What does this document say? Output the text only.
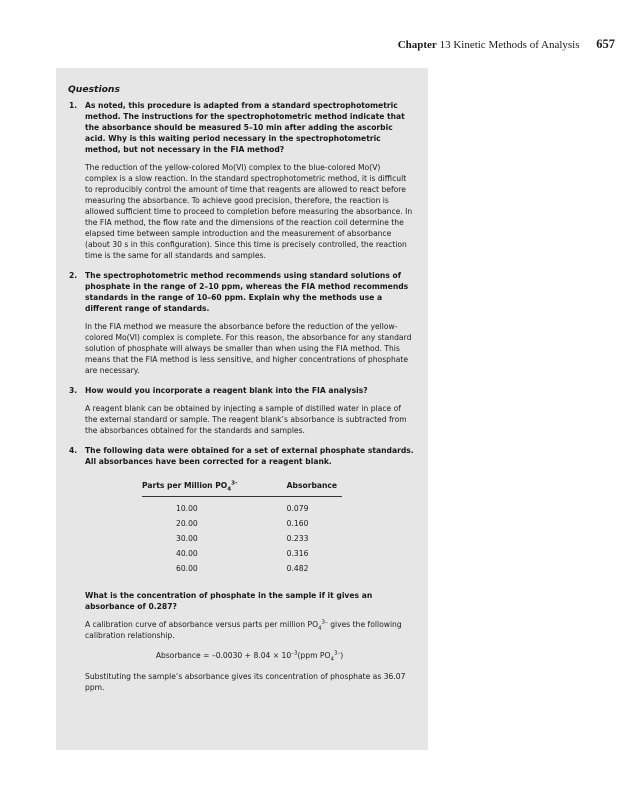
Chapter 13 Kinetic Methods of Analysis 657
Questions
1. As noted, this procedure is adapted from a standard spectrophotometric method. The instructions for the spectrophotometric method indicate that the absorbance should be measured 5–10 min after adding the ascorbic acid. Why is this waiting period necessary in the spectrophotometric method, but not necessary in the FIA method?
The reduction of the yellow-colored Mo(VI) complex to the blue-colored Mo(V) complex is a slow reaction. In the standard spectrophotometric method, it is difficult to reproducibly control the amount of time that reagents are allowed to react before measuring the absorbance. To achieve good precision, therefore, the reaction is allowed sufficient time to proceed to completion before measuring the absorbance. In the FIA method, the flow rate and the dimensions of the reaction coil determine the elapsed time between sample introduction and the measurement of absorbance (about 30 s in this configuration). Since this time is precisely controlled, the reaction time is the same for all standards and samples.
2. The spectrophotometric method recommends using standard solutions of phosphate in the range of 2–10 ppm, whereas the FIA method recommends standards in the range of 10–60 ppm. Explain why the methods use a different range of standards.
In the FIA method we measure the absorbance before the reduction of the yellow-colored Mo(VI) complex is complete. For this reason, the absorbance for any standard solution of phosphate will always be smaller than when using the FIA method. This means that the FIA method is less sensitive, and higher concentrations of phosphate are necessary.
3. How would you incorporate a reagent blank into the FIA analysis?
A reagent blank can be obtained by injecting a sample of distilled water in place of the external standard or sample. The reagent blank’s absorbance is subtracted from the absorbances obtained for the standards and samples.
4. The following data were obtained for a set of external phosphate standards. All absorbances have been corrected for a reagent blank.
Parts per Million $PO_4^{3-}$	Absorbance
10.00	0.079
20.00	0.160
30.00	0.233
40.00	0.316
60.00	0.482
What is the concentration of phosphate in the sample if it gives an absorbance of 0.287?
A calibration curve of absorbance versus parts per million $PO_4^{3-}$ gives the following calibration relationship.
Absorbance = $-0.0030 + 8.04 \times 10^{-3}(ppm$ $PO_4^{3-}$)
Substituting the sample’s absorbance gives its concentration of phosphate as 36.07 ppm.
